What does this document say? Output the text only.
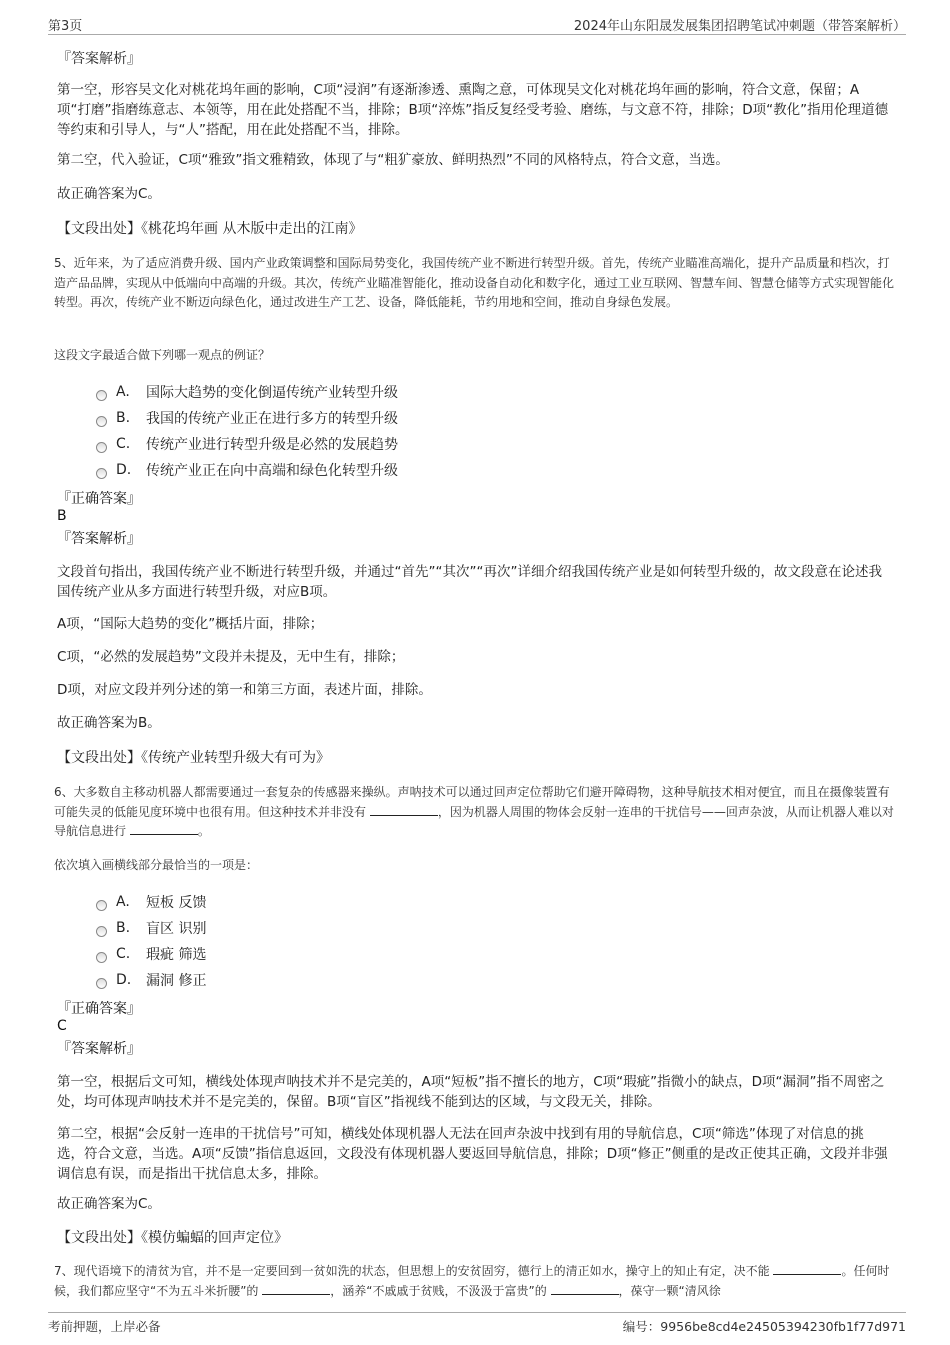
第3页	2024年山东阳晟发展集团招聘笔试冲刺题（带答案解析）
『答案解析』

第一空，形容吴文化对桃花坞年画的影响，C项“浸润”有逐渐渗透、熏陶之意，可体现吴文化对桃花坞年画的影响，符合文意，保留；A项“打磨”指磨练意志、本领等，用在此处搭配不当，排除；B项“淬炼”指反复经受考验、磨练，与文意不符，排除；D项“教化”指用伦理道德等约束和引导人，与“人”搭配，用在此处搭配不当，排除。

第二空，代入验证，C项“雅致”指文雅精致，体现了与“粗犷豪放、鲜明热烈”不同的风格特点，符合文意，当选。

故正确答案为C。

【文段出处】《桃花坞年画 从木版中走出的江南》

5、近年来，为了适应消费升级、国内产业政策调整和国际局势变化，我国传统产业不断进行转型升级。首先，传统产业瞄准高端化，提升产品质量和档次，打造产品品牌，实现从中低端向中高端的升级。其次，传统产业瞄准智能化，推动设备自动化和数字化，通过工业互联网、智慧车间、智慧仓储等方式实现智能化转型。再次，传统产业不断迈向绿色化，通过改进生产工艺、设备，降低能耗，节约用地和空间，推动自身绿色发展。

这段文字最适合做下列哪一观点的例证？

A.	国际大趋势的变化倒逼传统产业转型升级
B.	我国的传统产业正在进行多方的转型升级
C.	传统产业进行转型升级是必然的发展趋势
D.	传统产业正在向中高端和绿色化转型升级
『正确答案』
B
『答案解析』

文段首句指出，我国传统产业不断进行转型升级，并通过“首先”“其次”“再次”详细介绍我国传统产业是如何转型升级的，故文段意在论述我国传统产业从多方面进行转型升级，对应B项。

A项，“国际大趋势的变化”概括片面，排除；

C项，“必然的发展趋势”文段并未提及，无中生有，排除；

D项，对应文段并列分述的第一和第三方面，表述片面，排除。

故正确答案为B。

【文段出处】《传统产业转型升级大有可为》

6、大多数自主移动机器人都需要通过一套复杂的传感器来操纵。声呐技术可以通过回声定位帮助它们避开障碍物，这种导航技术相对便宜，而且在摄像装置有可能失灵的低能见度环境中也很有用。但这种技术并非没有	，因为机器人周围的物体会反射一连串的干扰信号——回声杂波，从而让机器人难以对导航信息进行	。

依次填入画横线部分最恰当的一项是：

A.	短板 反馈
B.	盲区 识别
C.	瑕疵 筛选
D.	漏洞 修正
『正确答案』
C
『答案解析』

第一空，根据后文可知，横线处体现声呐技术并不是完美的，A项“短板”指不擅长的地方，C项“瑕疵”指微小的缺点，D项“漏洞”指不周密之处，均可体现声呐技术并不是完美的，保留。B项“盲区”指视线不能到达的区域，与文段无关，排除。

第二空，根据“会反射一连串的干扰信号”可知，横线处体现机器人无法在回声杂波中找到有用的导航信息，C项“筛选”体现了对信息的挑选，符合文意，当选。A项“反馈”指信息返回，文段没有体现机器人要返回导航信息，排除；D项“修正”侧重的是改正使其正确，文段并非强调信息有误，而是指出干扰信息太多，排除。

故正确答案为C。

【文段出处】《模仿蝙蝠的回声定位》

7、现代语境下的清贫为官，并不是一定要回到一贫如洗的状态，但思想上的安贫固穷，德行上的清正如水，操守上的知止有定，决不能	。任何时候，我们都应坚守“不为五斗米折腰”的	，涵养“不戚戚于贫贱，不汲汲于富贵”的	，葆守一颗“清风徐

考前押题，上岸必备	编号：9956be8cd4e24505394230fb1f77d971
